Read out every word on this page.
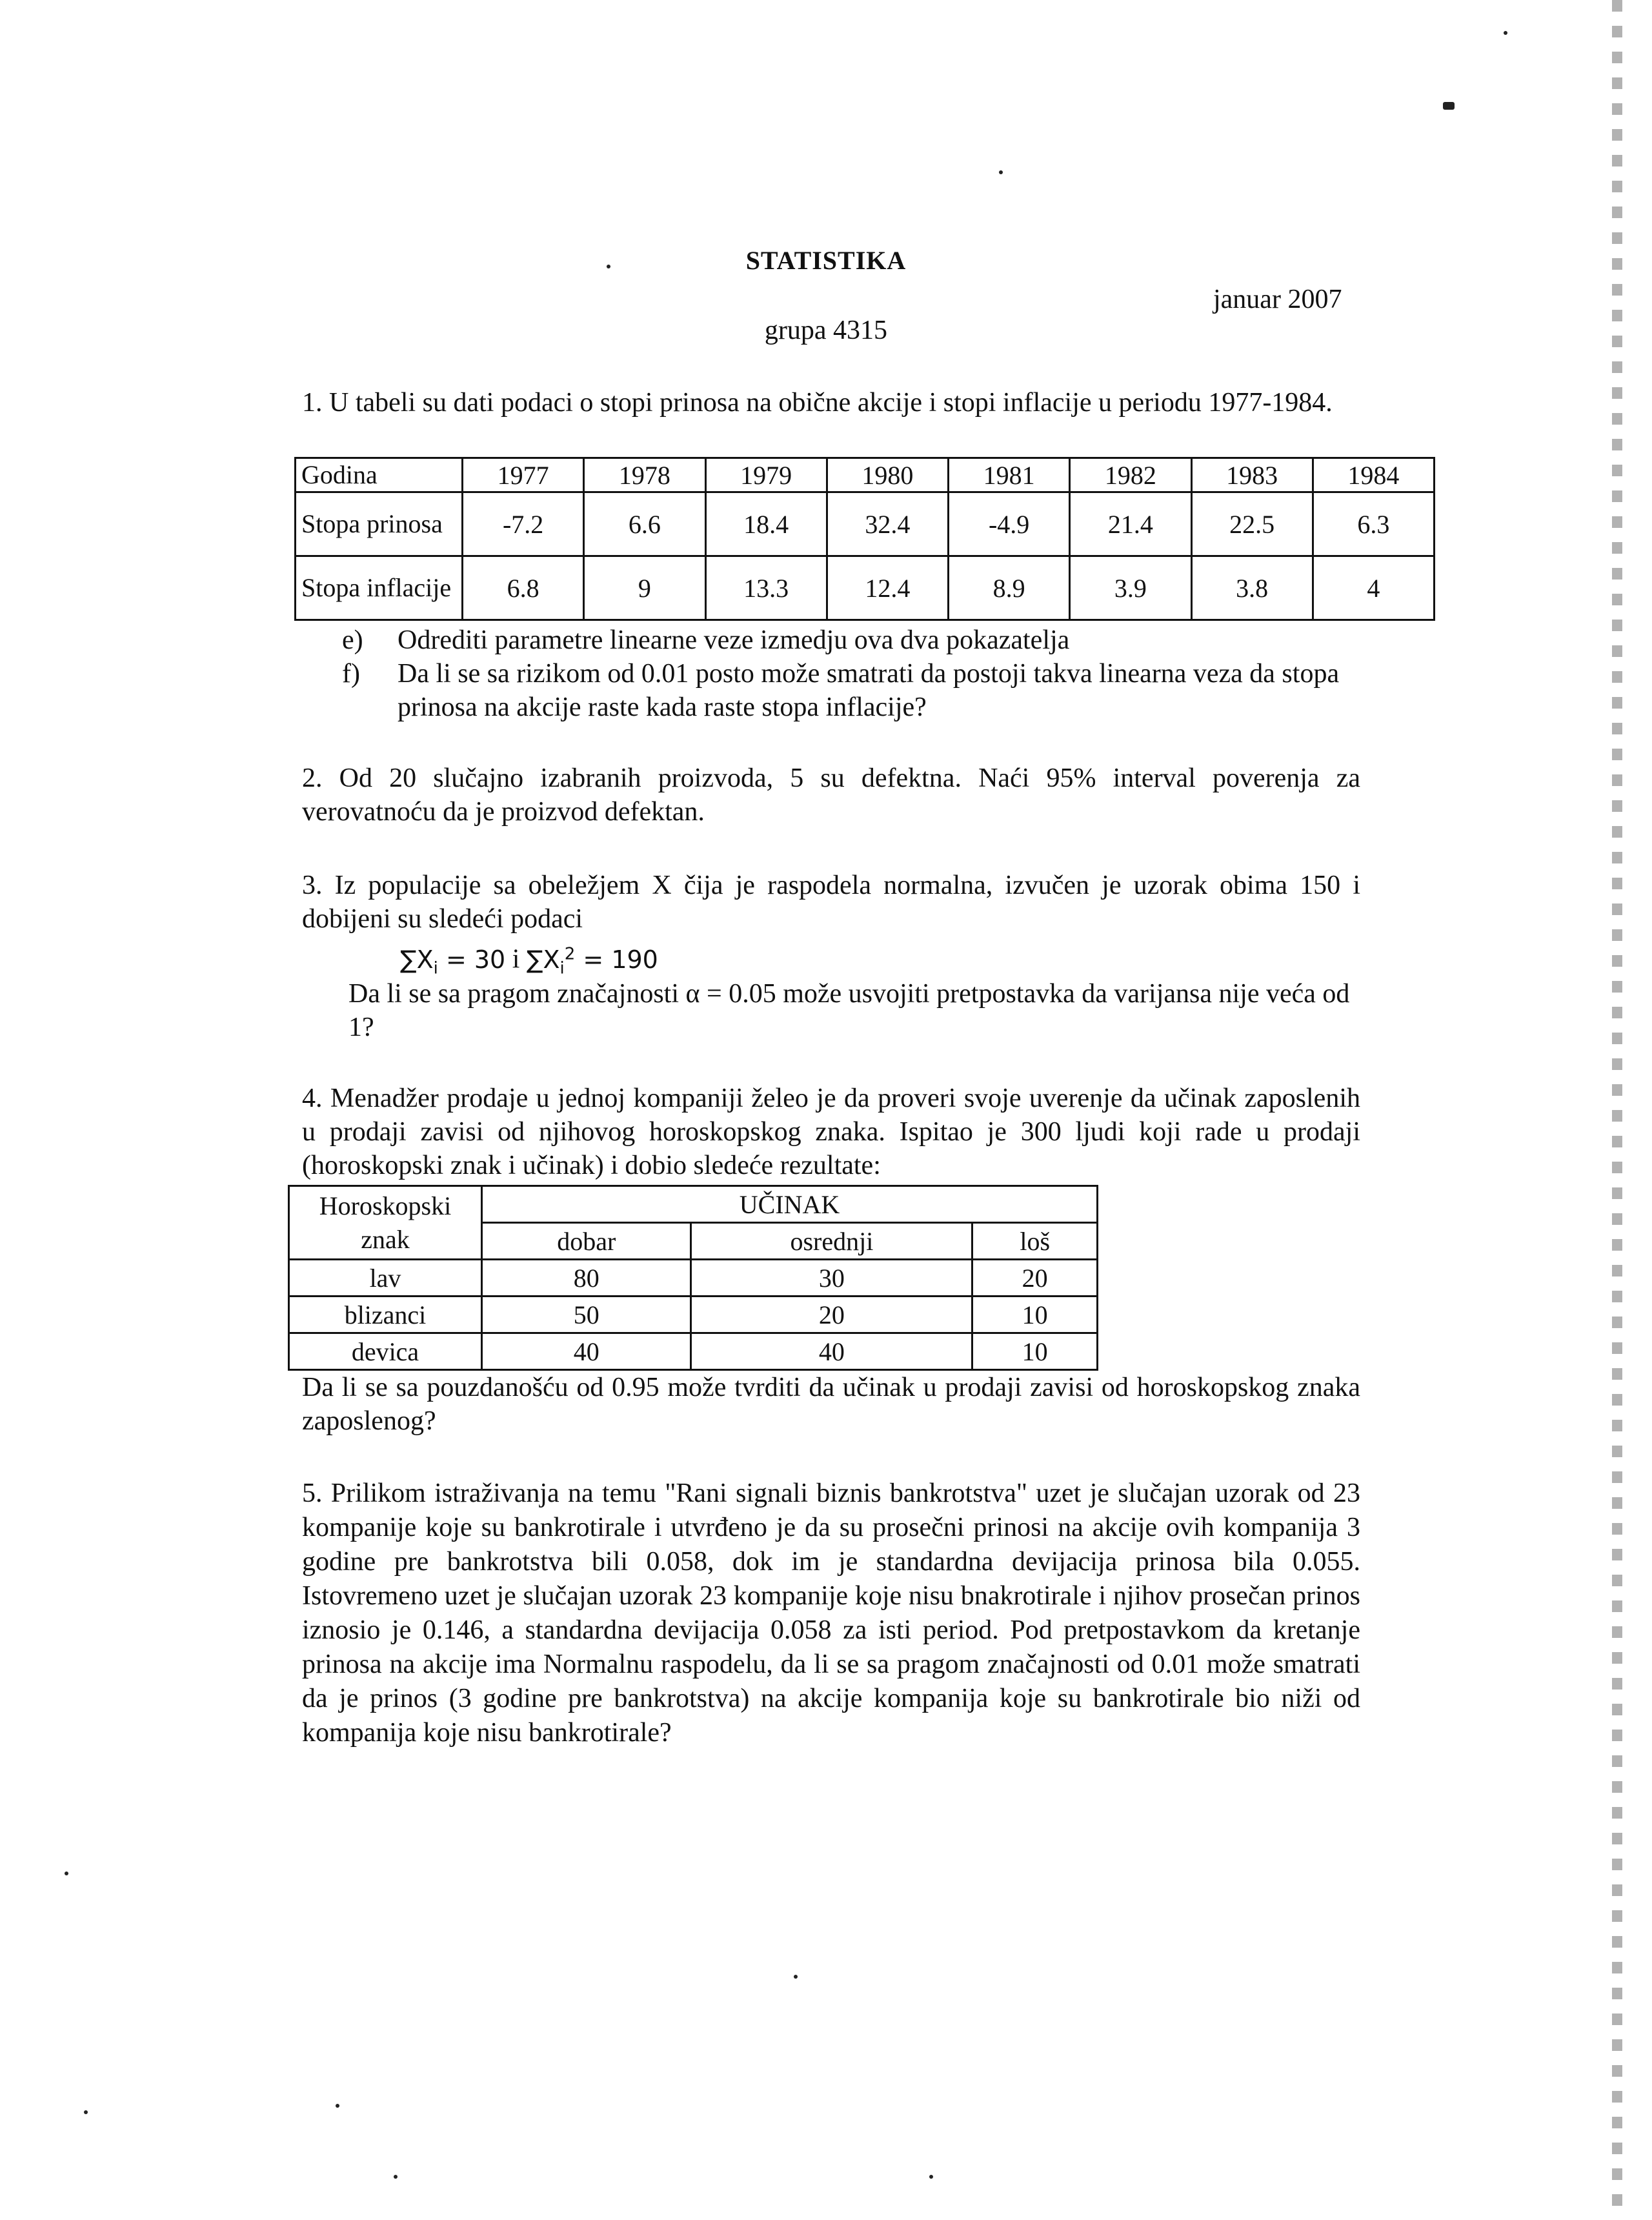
STATISTIKA
januar 2007
grupa 4315
1. U tabeli su dati podaci o stopi prinosa na obične akcije i stopi inflacije u periodu 1977-1984.
Godina	1977	1978	1979	1980	1981	1982	1983	1984
Stopa prinosa	-7.2	6.6	18.4	32.4	-4.9	21.4	22.5	6.3
Stopa inflacije	6.8	9	13.3	12.4	8.9	3.9	3.8	4
e) Odrediti parametre linearne veze izmedju ova dva pokazatelja
f)	Da li se sa rizikom od 0.01 posto može smatrati da postoji takva linearna veza da stopa prinosa na akcije raste kada raste stopa inflacije?
2. Od 20 slučajno izabranih proizvoda, 5 su defektna. Naći 95% interval poverenja za verovatnoću da je proizvod defektan.
3. Iz populacije sa obeležjem X čija je raspodela normalna, izvučen je uzorak obima 150 i dobijeni su sledeći podaci
$\sum X_i = 30$ i $\sum X_i^2 = 190$
Da li se sa pragom značajnosti α = 0.05 može usvojiti pretpostavka da varijansa nije veća od 1?
4. Menadžer prodaje u jednoj kompaniji želeo je da proveri svoje uverenje da učinak zaposlenih u prodaji zavisi od njihovog horoskopskog znaka. Ispitao je 300 ljudi koji rade u prodaji (horoskopski znak i učinak) i dobio sledeće rezultate:
Horoskopski
znak	UČINAK		
	dobar	osrednji	loš
lav	80	30	20
blizanci	50	20	10
devica	40	40	10
Da li se sa pouzdanošću od 0.95 može tvrditi da učinak u prodaji zavisi od horoskopskog znaka zaposlenog?
5. Prilikom istraživanja na temu "Rani signali biznis bankrotstva" uzet je slučajan uzorak od 23 kompanije koje su bankrotirale i utvrđeno je da su prosečni prinosi na akcije ovih kompanija 3 godine pre bankrotstva bili 0.058, dok im je standardna devijacija prinosa bila 0.055. Istovremeno uzet je slučajan uzorak 23 kompanije koje nisu bnakrotirale i njihov prosečan prinos iznosio je 0.146, a standardna devijacija 0.058 za isti period. Pod pretpostavkom da kretanje prinosa na akcije ima Normalnu raspodelu, da li se sa pragom značajnosti od 0.01 može smatrati da je prinos (3 godine pre bankrotstva) na akcije kompanija koje su bankrotirale bio niži od kompanija koje nisu bankrotirale?
